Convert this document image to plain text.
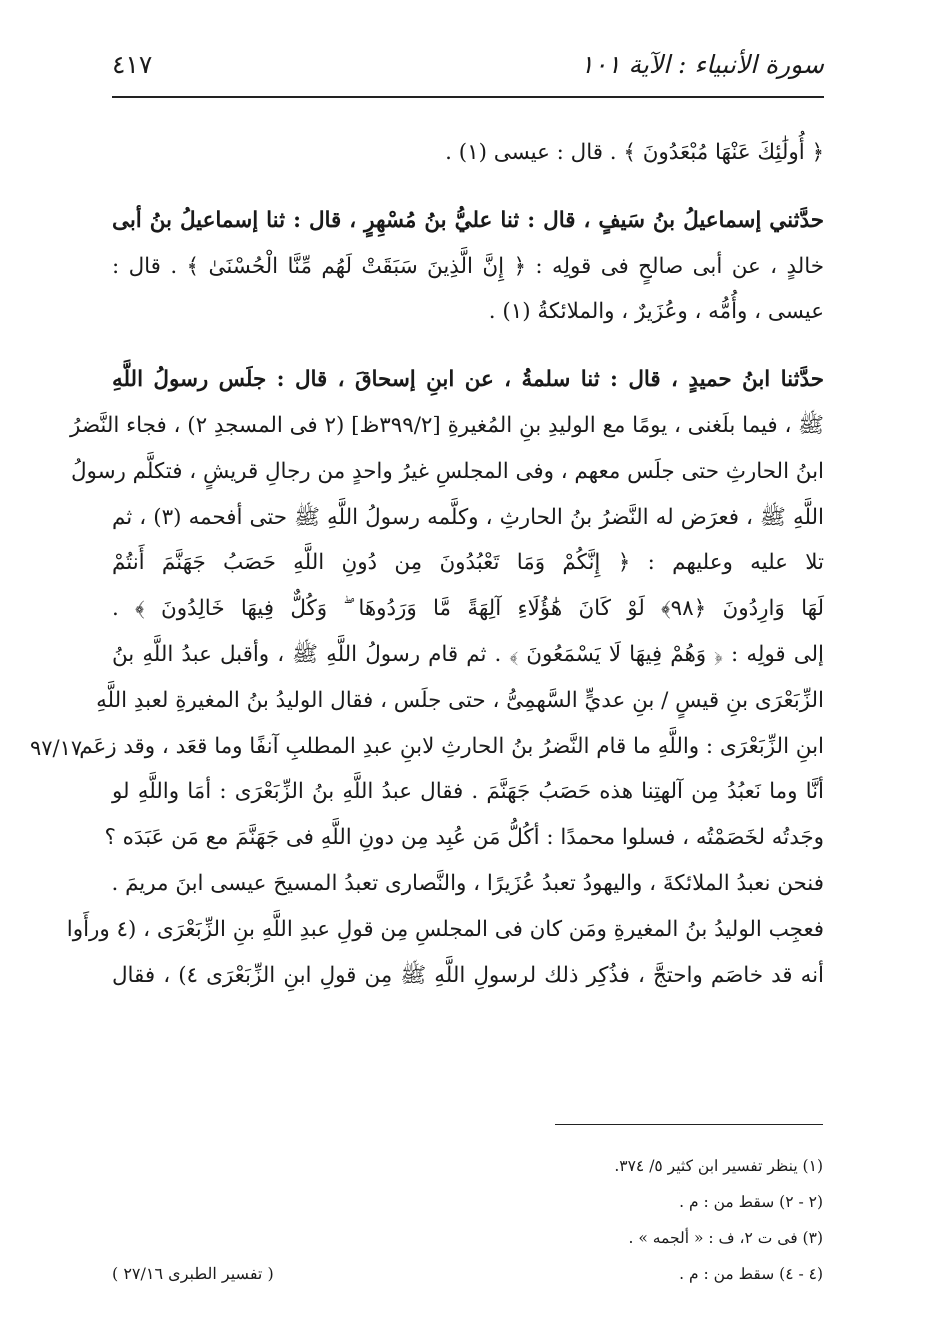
سورة الأنبياء : الآية ١٠١
٤١٧
﴿ أُولَٰئِكَ عَنْهَا مُبْعَدُونَ ﴾ . قال : عيسى (١) .
حدَّثني إسماعيلُ بنُ سَيفٍ ، قال : ثنا عليُّ بنُ مُسْهِرٍ ، قال : ثنا إسماعيلُ بنُ أبى
خالدٍ ، عن أبى صالحٍ فى قولِه : ﴿ إِنَّ الَّذِينَ سَبَقَتْ لَهُم مِّنَّا الْحُسْنَىٰ ﴾ . قال :
عيسى ، وأُمُّه ، وعُزَيرٌ ، والملائكةُ (١) .
حدَّثنا ابنُ حميدٍ ، قال : ثنا سلمةُ ، عن ابنِ إسحاقَ ، قال : جلَس رسولُ اللَّهِ
ﷺ ، فيما بلَغنى ، يومًا مع الوليدِ بنِ المُغيرةِ [٣٩٩/٢ظ] (٢ فى المسجدِ ٢) ، فجاء النَّضرُ
ابنُ الحارثِ حتى جلَس معهم ، وفى المجلسِ غيرُ واحدٍ من رجالِ قريشٍ ، فتكلَّم رسولُ
اللَّهِ ﷺ ، فعرَض له النَّضرُ بنُ الحارثِ ، وكلَّمه رسولُ اللَّهِ ﷺ حتى أفحمه (٣) ، ثم
تلا عليه وعليهم : ﴿ إِنَّكُمْ وَمَا تَعْبُدُونَ مِن دُونِ اللَّهِ حَصَبُ جَهَنَّمَ أَنتُمْ
لَهَا وَارِدُونَ ﴿٩٨﴾ لَوْ كَانَ هَٰؤُلَاءِ آلِهَةً مَّا وَرَدُوهَا ۖ وَكُلٌّ فِيهَا خَالِدُونَ ﴾ .
إلى قولِه : ﴿ وَهُمْ فِيهَا لَا يَسْمَعُونَ ﴾ . ثم قام رسولُ اللَّهِ ﷺ ، وأقبل عبدُ اللَّهِ بنُ
الزِّبَعْرَى بنِ قيسٍ / بنِ عديٍّ السَّهمِىُّ ، حتى جلَس ، فقال الوليدُ بنُ المغيرةِ لعبدِ اللَّهِ
ابنِ الزِّبَعْرَى : واللَّهِ ما قام النَّضرُ بنُ الحارثِ لابنِ عبدِ المطلبِ آنفًا وما قعَد ، وقد زعَم
أنَّا وما نَعبُدُ مِن آلهتِنا هذه حَصَبُ جَهَنَّمَ . فقال عبدُ اللَّهِ بنُ الزِّبَعْرَى : أمَا واللَّهِ لو
وجَدتُه لخَصَمْتُه ، فسلوا محمدًا : أكُلُّ مَن عُبِد مِن دونِ اللَّهِ فى جَهَنَّمَ مع مَن عَبَدَه ؟
فنحن نعبدُ الملائكةَ ، واليهودُ تعبدُ عُزَيرًا ، والنَّصارى تعبدُ المسيحَ عيسى ابنَ مريمَ .
فعجِب الوليدُ بنُ المغيرةِ ومَن كان فى المجلسِ مِن قولِ عبدِ اللَّهِ بنِ الزِّبَعْرَى ، (٤ ورأَوا
أنه قد خاصَم واحتجَّ ، فذُكِر ذلك لرسولِ اللَّهِ ﷺ مِن قولِ ابنِ الزِّبَعْرَى ٤) ، فقال
٩٧/١٧
(١) ينظر تفسير ابن كثير ٥/ ٣٧٤.
(٢ - ٢) سقط من : م .
(٣) فى ت ٢، ف : « ألجمه » .
(٤ - ٤) سقط من : م .
( تفسير الطبرى ٢٧/١٦ )
